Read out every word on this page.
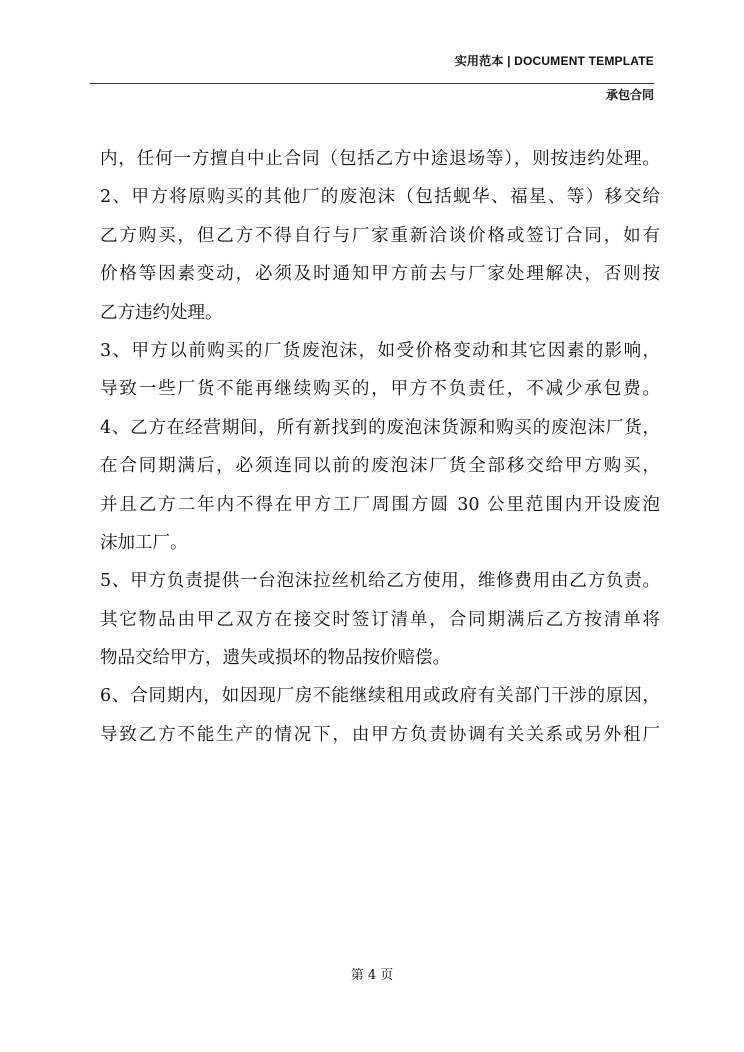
实用范本 | DOCUMENT TEMPLATE
承包合同
内，任何一方擅自中止合同（包括乙方中途退场等），则按违约处理。
2、甲方将原购买的其他厂的废泡沫（包括蚬华、福星、等）移交给
乙方购买，但乙方不得自行与厂家重新洽谈价格或签订合同，如有
价格等因素变动，必须及时通知甲方前去与厂家处理解决，否则按
乙方违约处理。
3、甲方以前购买的厂货废泡沫，如受价格变动和其它因素的影响，
导致一些厂货不能再继续购买的，甲方不负责任，不减少承包费。
4、乙方在经营期间，所有新找到的废泡沫货源和购买的废泡沫厂货，
在合同期满后，必须连同以前的废泡沫厂货全部移交给甲方购买，
并且乙方二年内不得在甲方工厂周围方圆 30 公里范围内开设废泡
沫加工厂。
5、甲方负责提供一台泡沫拉丝机给乙方使用，维修费用由乙方负责。
其它物品由甲乙双方在接交时签订清单，合同期满后乙方按清单将
物品交给甲方，遗失或损坏的物品按价赔偿。
6、合同期内，如因现厂房不能继续租用或政府有关部门干涉的原因，
导致乙方不能生产的情况下，由甲方负责协调有关关系或另外租厂
第 4 页
